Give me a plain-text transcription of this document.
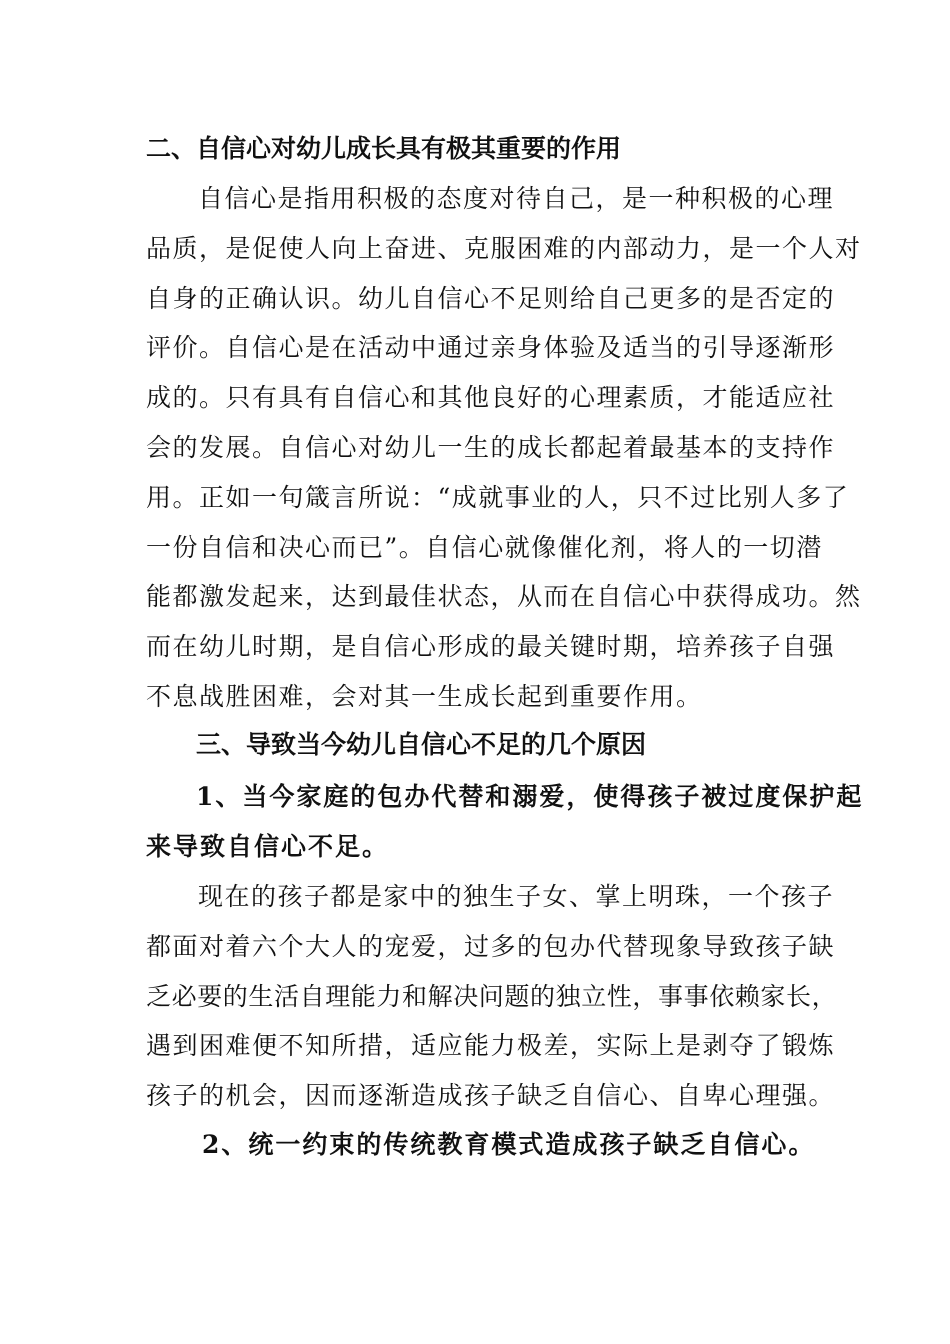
二、自信心对幼儿成长具有极其重要的作用
自信心是指用积极的态度对待自己，是一种积极的心理
品质，是促使人向上奋进、克服困难的内部动力，是一个人对
自身的正确认识。幼儿自信心不足则给自己更多的是否定的
评价。自信心是在活动中通过亲身体验及适当的引导逐渐形
成的。只有具有自信心和其他良好的心理素质，才能适应社
会的发展。自信心对幼儿一生的成长都起着最基本的支持作
用。正如一句箴言所说：“成就事业的人，只不过比别人多了
一份自信和决心而已”。自信心就像催化剂，将人的一切潜
能都激发起来，达到最佳状态，从而在自信心中获得成功。然
而在幼儿时期，是自信心形成的最关键时期，培养孩子自强
不息战胜困难，会对其一生成长起到重要作用。
三、导致当今幼儿自信心不足的几个原因
1、当今家庭的包办代替和溺爱，使得孩子被过度保护起
来导致自信心不足。
现在的孩子都是家中的独生子女、掌上明珠，一个孩子
都面对着六个大人的宠爱，过多的包办代替现象导致孩子缺
乏必要的生活自理能力和解决问题的独立性，事事依赖家长，
遇到困难便不知所措，适应能力极差，实际上是剥夺了锻炼
孩子的机会，因而逐渐造成孩子缺乏自信心、自卑心理强。
2、统一约束的传统教育模式造成孩子缺乏自信心。
